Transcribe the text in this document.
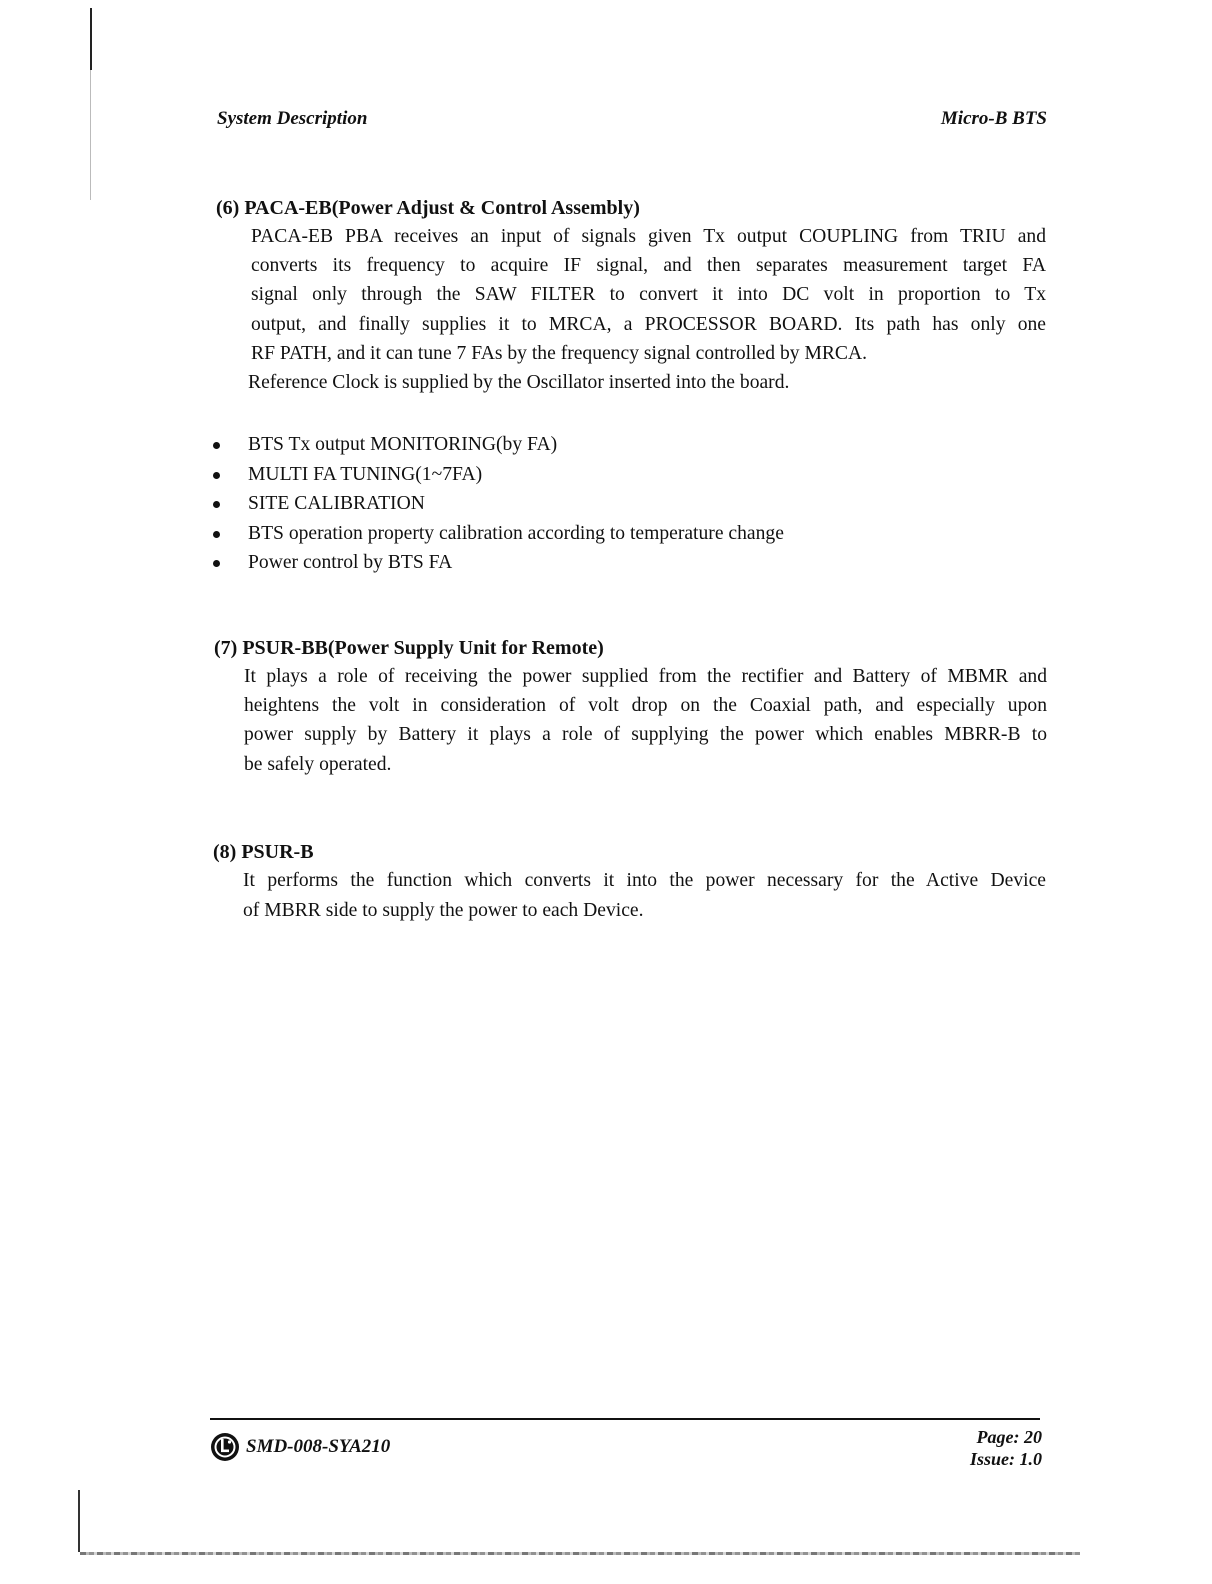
System Description	Micro-B BTS
(6) PACA-EB(Power Adjust & Control Assembly)
PACA-EB PBA receives an input of signals given Tx output COUPLING from TRIU and
converts its frequency to acquire IF signal, and then separates measurement target FA
signal only through the SAW FILTER to convert it into DC volt in proportion to Tx
output, and finally supplies it to MRCA, a PROCESSOR BOARD. Its path has only one
RF PATH, and it can tune 7 FAs by the frequency signal controlled by MRCA.
Reference Clock is supplied by the Oscillator inserted into the board.
BTS Tx output MONITORING(by FA)
MULTI FA TUNING(1~7FA)
SITE CALIBRATION
BTS operation property calibration according to temperature change
Power control by BTS FA
(7) PSUR-BB(Power Supply Unit for Remote)
It plays a role of receiving the power supplied from the rectifier and Battery of MBMR and
heightens the volt in consideration of volt drop on the Coaxial path, and especially upon
power supply by Battery it plays a role of supplying the power which enables MBRR-B to
be safely operated.
(8) PSUR-B
It performs the function which converts it into the power necessary for the Active Device
of MBRR side to supply the power to each Device.
SMD-008-SYA210	Page: 20
Issue: 1.0
